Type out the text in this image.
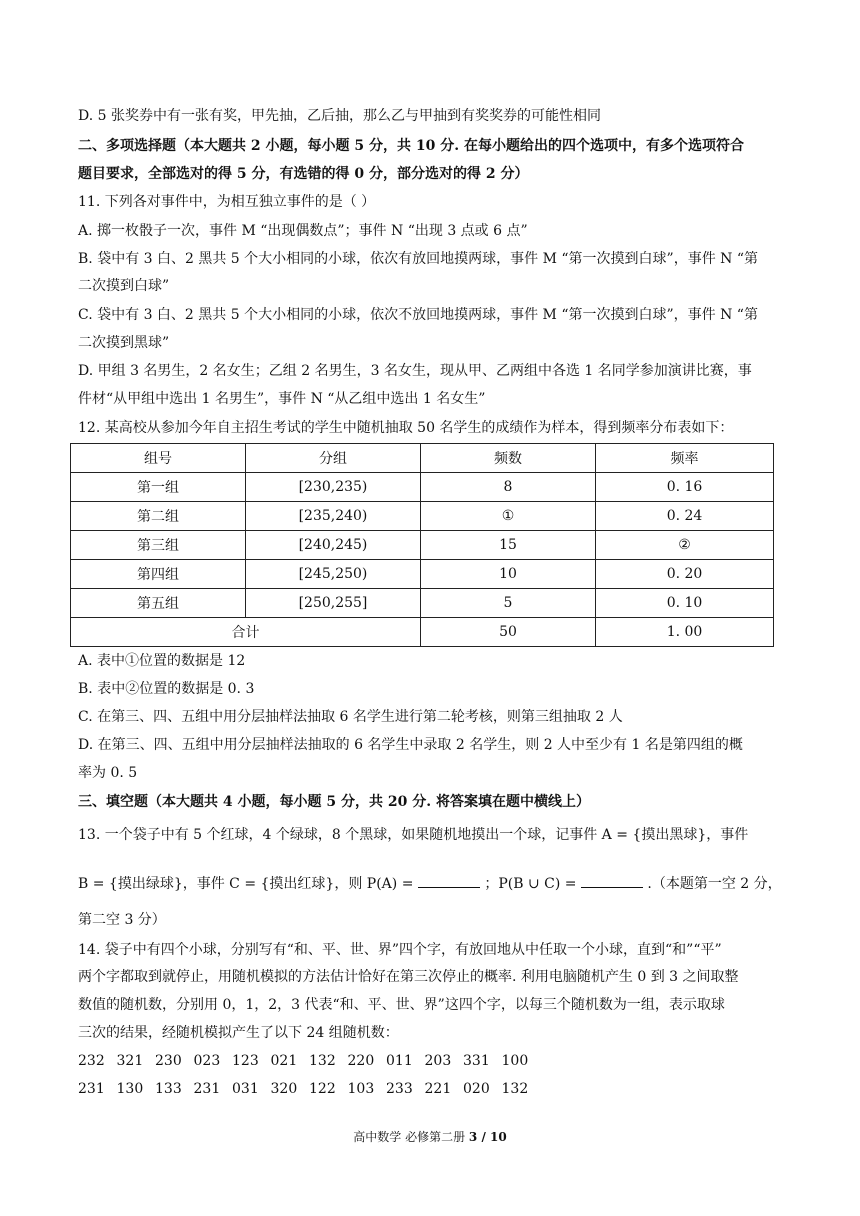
D. 5 张奖券中有一张有奖，甲先抽，乙后抽，那么乙与甲抽到有奖奖券的可能性相同
二、多项选择题（本大题共 2 小题，每小题 5 分，共 10 分. 在每小题给出的四个选项中，有多个选项符合
题目要求，全部选对的得 5 分，有选错的得 0 分，部分选对的得 2 分）
11. 下列各对事件中，为相互独立事件的是（ ）
A. 掷一枚骰子一次，事件 M “出现偶数点”；事件 N “出现 3 点或 6 点”
B. 袋中有 3 白、2 黑共 5 个大小相同的小球，依次有放回地摸两球，事件 M “第一次摸到白球”，事件 N “第
二次摸到白球”
C. 袋中有 3 白、2 黑共 5 个大小相同的小球，依次不放回地摸两球，事件 M “第一次摸到白球”，事件 N “第
二次摸到黑球”
D. 甲组 3 名男生，2 名女生；乙组 2 名男生，3 名女生，现从甲、乙两组中各选 1 名同学参加演讲比赛，事
件材“从甲组中选出 1 名男生”，事件 N “从乙组中选出 1 名女生”
12. 某高校从参加今年自主招生考试的学生中随机抽取 50 名学生的成绩作为样本，得到频率分布表如下：
组号	分组	频数	频率
第一组	[230,235)	8	0. 16
第二组	[235,240)	①	0. 24
第三组	[240,245)	15	②
第四组	[245,250)	10	0. 20
第五组	[250,255]	5	0. 10
合计		50	1. 00
A. 表中①位置的数据是 12
B. 表中②位置的数据是 0. 3
C. 在第三、四、五组中用分层抽样法抽取 6 名学生进行第二轮考核，则第三组抽取 2 人
D. 在第三、四、五组中用分层抽样法抽取的 6 名学生中录取 2 名学生，则 2 人中至少有 1 名是第四组的概
率为 0. 5
三、填空题（本大题共 4 小题，每小题 5 分，共 20 分. 将答案填在题中横线上）
13. 一个袋子中有 5 个红球，4 个绿球，8 个黑球，如果随机地摸出一个球，记事件 A = {摸出黑球}，事件
B = {摸出绿球}，事件 C = {摸出红球}，则 P(A) =	；P(B ∪ C) =	.（本题第一空 2 分，
第二空 3 分）
14. 袋子中有四个小球，分别写有“和、平、世、界”四个字，有放回地从中任取一个小球，直到“和”“平”
两个字都取到就停止，用随机模拟的方法估计恰好在第三次停止的概率. 利用电脑随机产生 0 到 3 之间取整
数值的随机数，分别用 0，1，2，3 代表“和、平、世、界”这四个字，以每三个随机数为一组，表示取球
三次的结果，经随机模拟产生了以下 24 组随机数：
232 321 230 023 123 021 132 220 011 203 331 100
231 130 133 231 031 320 122 103 233 221 020 132
高中数学 必修第二册 3 / 10
